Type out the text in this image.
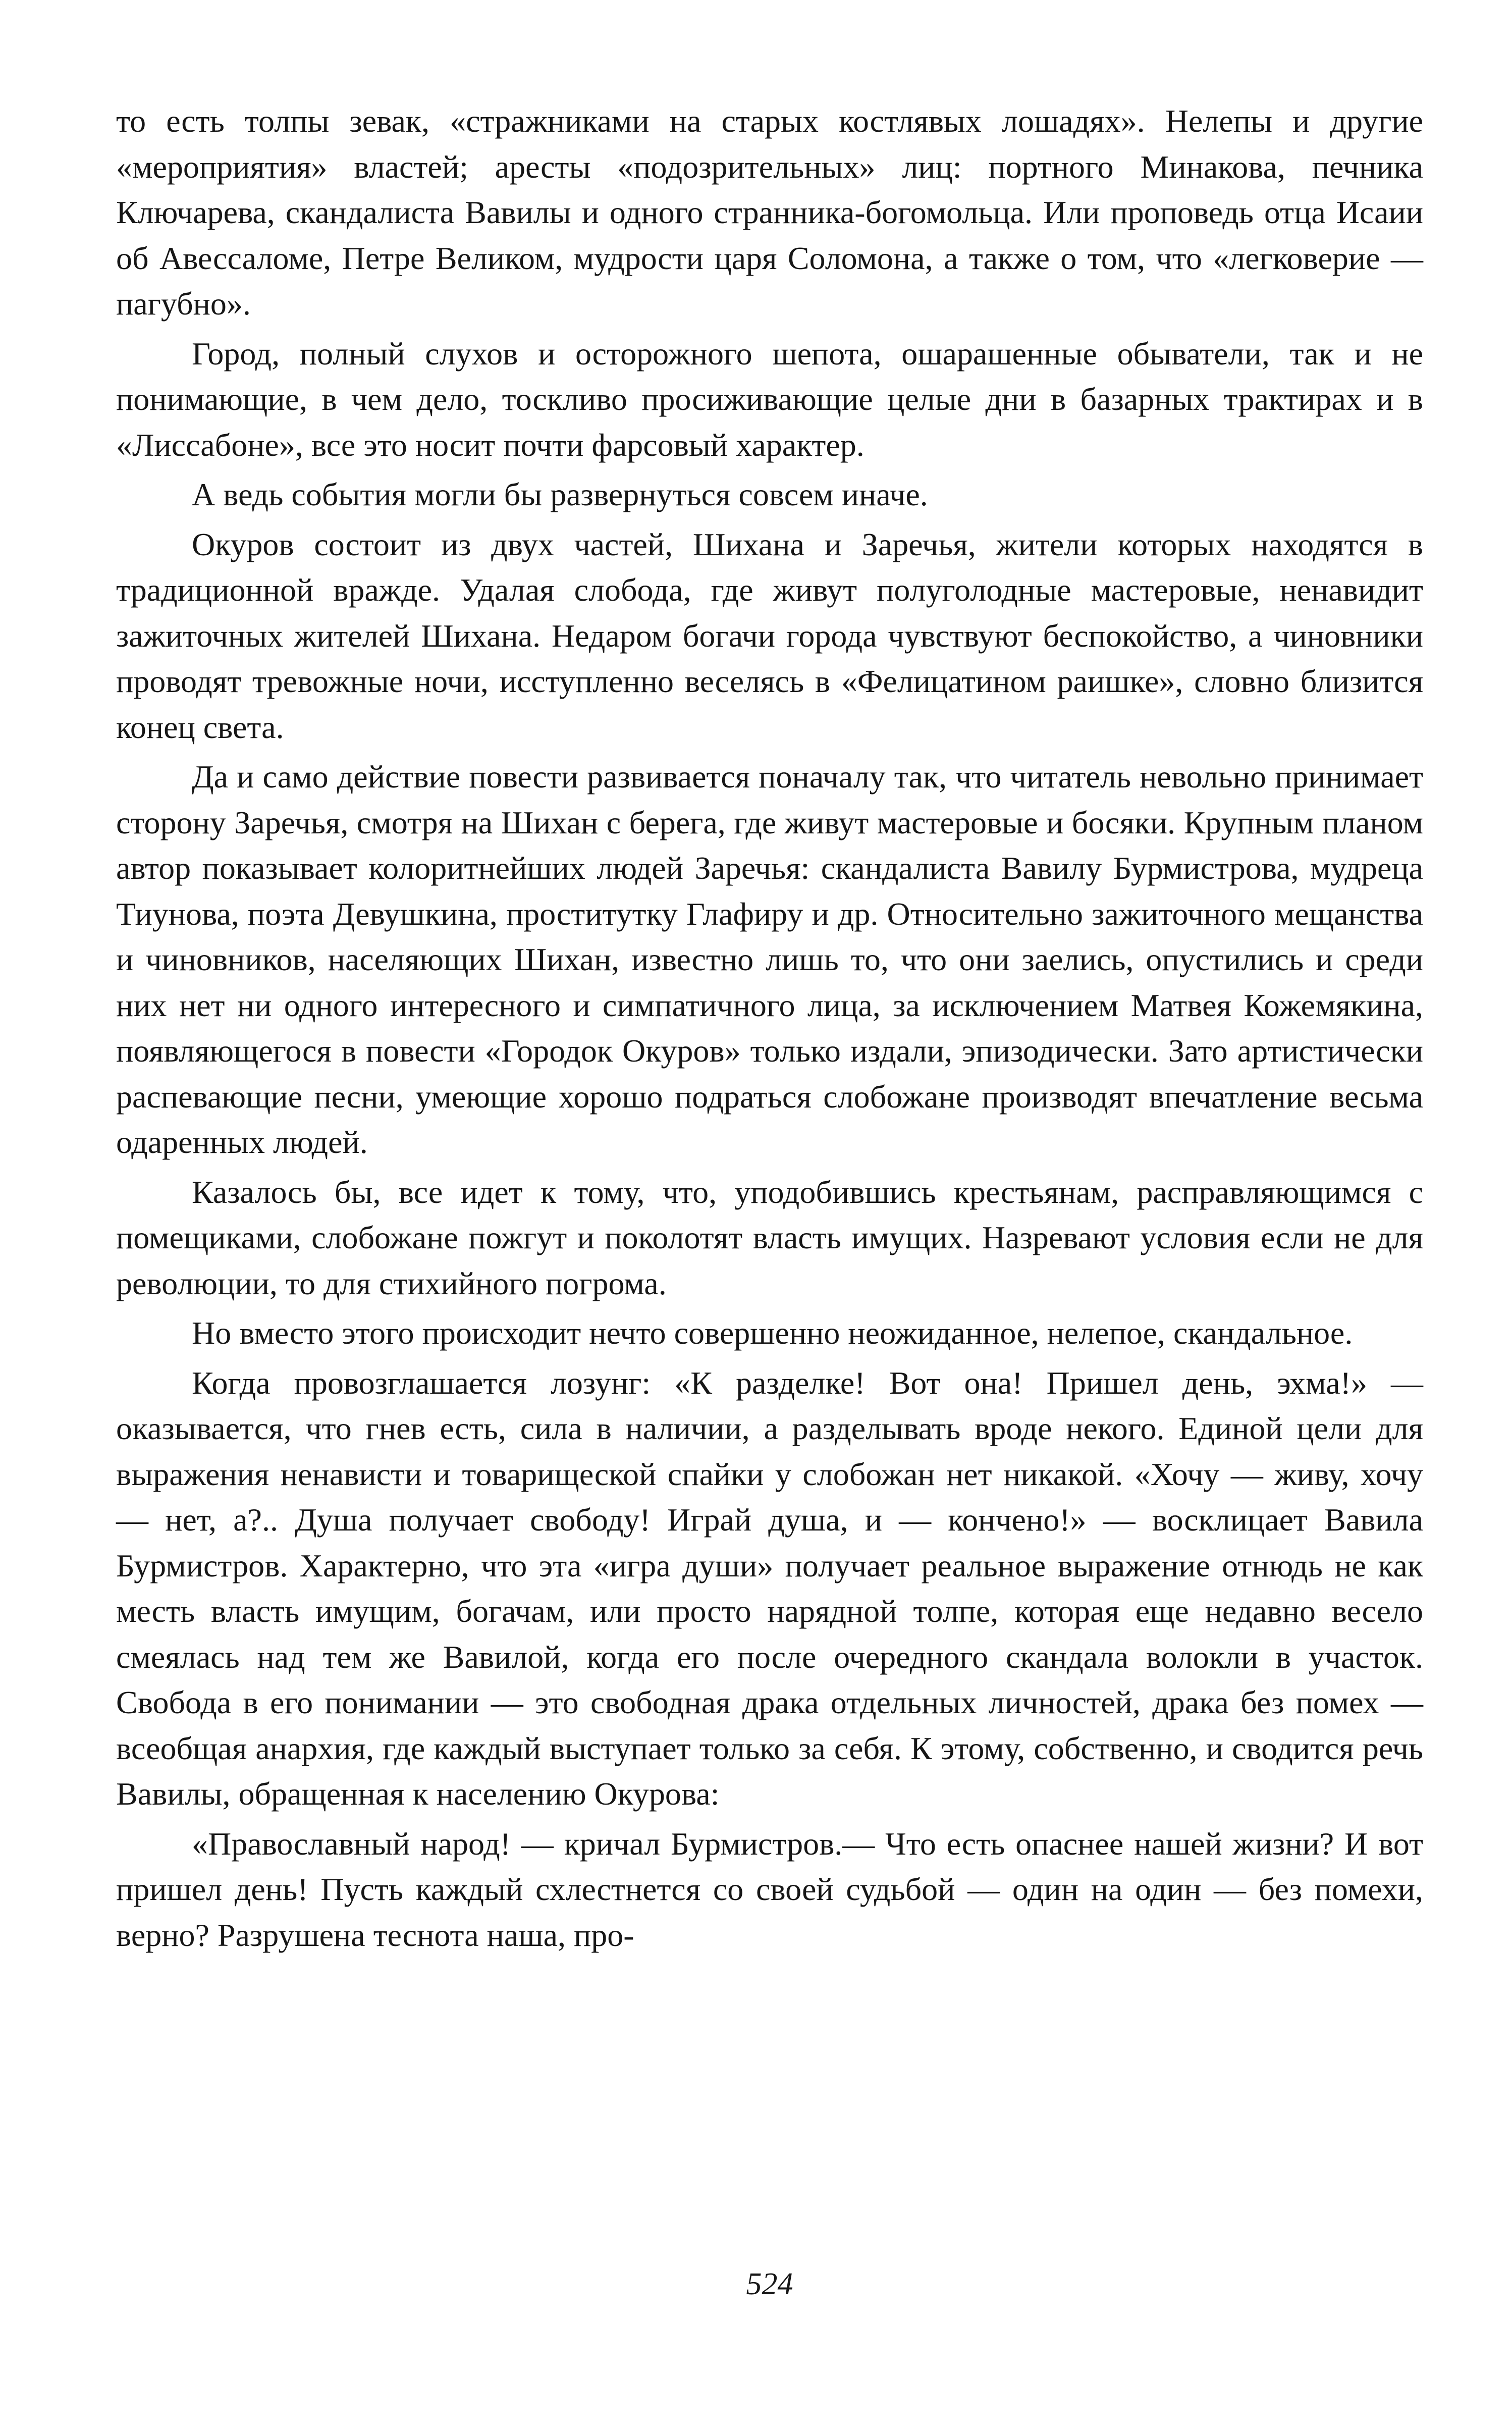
то есть толпы зевак, «стражниками на старых костлявых лошадях». Нелепы и другие «мероприятия» властей; аресты «подозрительных» лиц: портного Минакова, печника Ключарева, скандалиста Вавилы и одного странника-богомольца. Или проповедь отца Исаии об Авессаломе, Петре Великом, мудрости царя Соломона, а также о том, что «легковерие — пагубно».

Город, полный слухов и осторожного шепота, ошарашенные обыватели, так и не понимающие, в чем дело, тоскливо просиживающие целые дни в базарных трактирах и в «Лиссабоне», все это носит почти фарсовый характер.

А ведь события могли бы развернуться совсем иначе.

Окуров состоит из двух частей, Шихана и Заречья, жители которых находятся в традиционной вражде. Удалая слобода, где живут полуголодные мастеровые, ненавидит зажиточных жителей Шихана. Недаром богачи города чувствуют беспокойство, а чиновники проводят тревожные ночи, исступленно веселясь в «Фелицатином раишке», словно близится конец света.

Да и само действие повести развивается поначалу так, что читатель невольно принимает сторону Заречья, смотря на Шихан с берега, где живут мастеровые и босяки. Крупным планом автор показывает колоритнейших людей Заречья: скандалиста Вавилу Бурмистрова, мудреца Тиунова, поэта Девушкина, проститутку Глафиру и др. Относительно зажиточного мещанства и чиновников, населяющих Шихан, известно лишь то, что они заелись, опустились и среди них нет ни одного интересного и симпатичного лица, за исключением Матвея Кожемякина, появляющегося в повести «Городок Окуров» только издали, эпизодически. Зато артистически распевающие песни, умеющие хорошо подраться слобожане производят впечатление весьма одаренных людей.

Казалось бы, все идет к тому, что, уподобившись крестьянам, расправляющимся с помещиками, слобожане пожгут и поколотят власть имущих. Назревают условия если не для революции, то для стихийного погрома.

Но вместо этого происходит нечто совершенно неожиданное, нелепое, скандальное.

Когда провозглашается лозунг: «К разделке! Вот она! Пришел день, эхма!» — оказывается, что гнев есть, сила в наличии, а разделывать вроде некого. Единой цели для выражения ненависти и товарищеской спайки у слобожан нет никакой. «Хочу — живу, хочу — нет, а?.. Душа получает свободу! Играй душа, и — кончено!» — восклицает Вавила Бурмистров. Характерно, что эта «игра души» получает реальное выражение отнюдь не как месть власть имущим, богачам, или просто нарядной толпе, которая еще недавно весело смеялась над тем же Вавилой, когда его после очередного скандала волокли в участок. Свобода в его понимании — это свободная драка отдельных личностей, драка без помех — всеобщая анархия, где каждый выступает только за себя. К этому, собственно, и сводится речь Вавилы, обращенная к населению Окурова:

«Православный народ! — кричал Бурмистров.— Что есть опаснее нашей жизни? И вот пришел день! Пусть каждый схлестнется со своей судьбой — один на один — без помехи, верно? Разрушена теснота наша, про-

524
